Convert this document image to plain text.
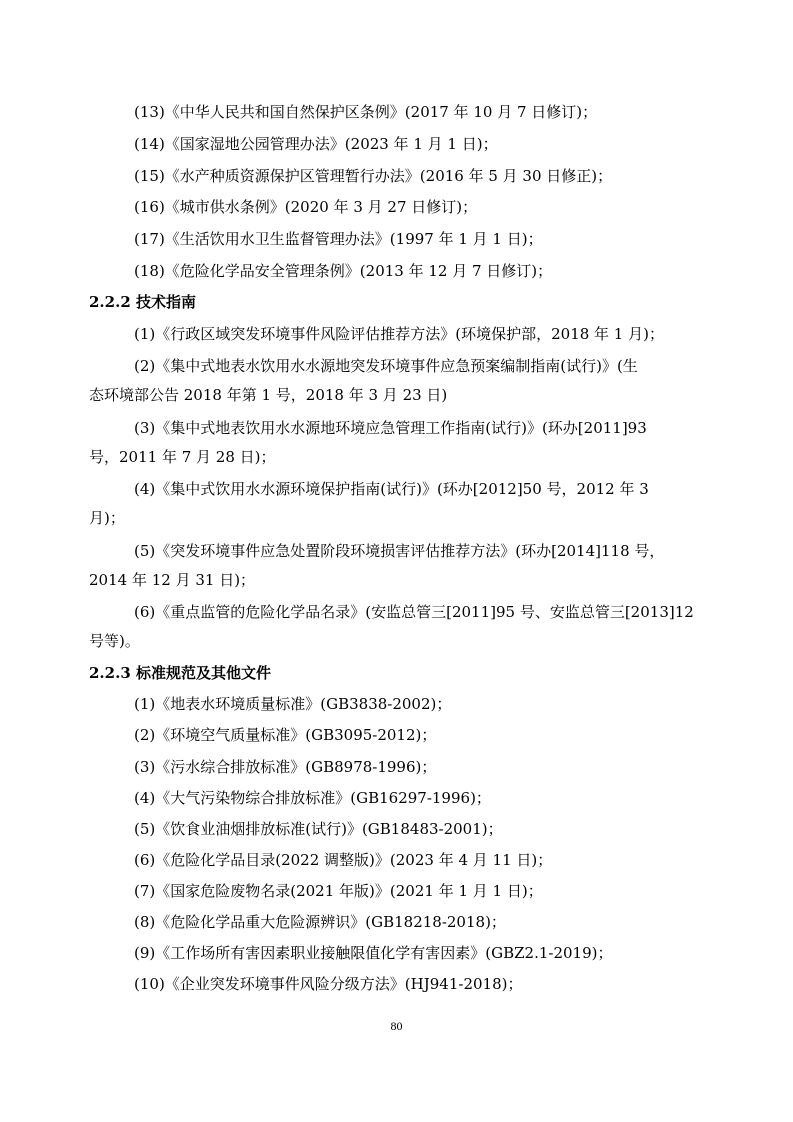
(13)《中华人民共和国自然保护区条例》(2017 年 10 月 7 日修订)；
(14)《国家湿地公园管理办法》(2023 年 1 月 1 日)；
(15)《水产种质资源保护区管理暂行办法》(2016 年 5 月 30 日修正)；
(16)《城市供水条例》(2020 年 3 月 27 日修订)；
(17)《生活饮用水卫生监督管理办法》(1997 年 1 月 1 日)；
(18)《危险化学品安全管理条例》(2013 年 12 月 7 日修订)；
2.2.2 技术指南
(1)《行政区域突发环境事件风险评估推荐方法》(环境保护部，2018 年 1 月)；
(2)《集中式地表水饮用水水源地突发环境事件应急预案编制指南(试行)》(生
态环境部公告 2018 年第 1 号，2018 年 3 月 23 日)
(3)《集中式地表饮用水水源地环境应急管理工作指南(试行)》(环办[2011]93
号，2011 年 7 月 28 日)；
(4)《集中式饮用水水源环境保护指南(试行)》(环办[2012]50 号，2012 年 3
月)；
(5)《突发环境事件应急处置阶段环境损害评估推荐方法》(环办[2014]118 号，
2014 年 12 月 31 日)；
(6)《重点监管的危险化学品名录》(安监总管三[2011]95 号、安监总管三[2013]12
号等)。
2.2.3 标准规范及其他文件
(1)《地表水环境质量标准》(GB3838-2002)；
(2)《环境空气质量标准》(GB3095-2012)；
(3)《污水综合排放标准》(GB8978-1996)；
(4)《大气污染物综合排放标准》(GB16297-1996)；
(5)《饮食业油烟排放标准(试行)》(GB18483-2001)；
(6)《危险化学品目录(2022 调整版)》(2023 年 4 月 11 日)；
(7)《国家危险废物名录(2021 年版)》(2021 年 1 月 1 日)；
(8)《危险化学品重大危险源辨识》(GB18218-2018)；
(9)《工作场所有害因素职业接触限值化学有害因素》(GBZ2.1-2019)；
(10)《企业突发环境事件风险分级方法》(HJ941-2018)；
80
